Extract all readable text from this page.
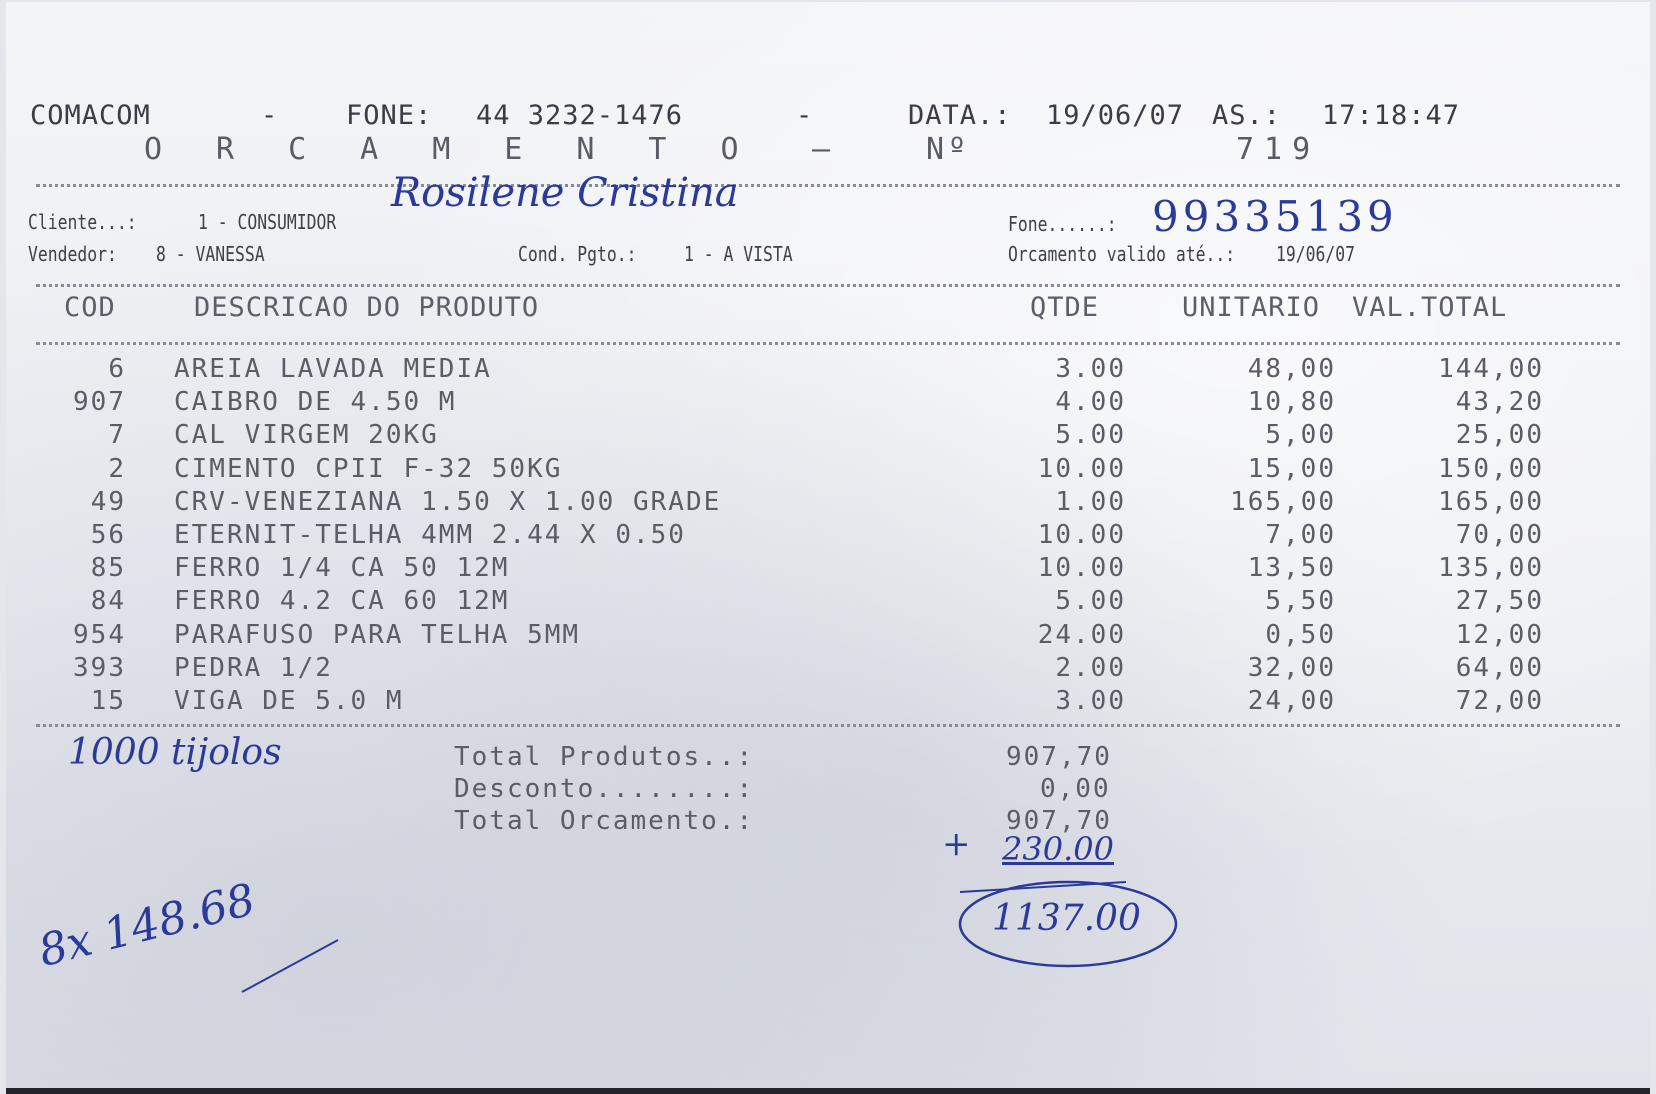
COMACOM	-	FONE: 44 3232-1476	-	DATA.: 19/06/07 AS.: 17:18:47
ORCAMENTO —	Nº	719
Cliente...:	1 - CONSUMIDOR
Rosilene Cristina
Fone......: 99335139
Vendedor: 8 - VANESSA	Cond. Pgto.: 1 - A VISTA	Orcamento valido até..: 19/06/07
COD	DESCRICAO DO PRODUTO	QTDE	UNITARIO VAL.TOTAL
6 AREIA LAVADA MEDIA	3.00	48,00	144,00
907 CAIBRO DE 4.50 M	4.00	10,80	43,20
7 CAL VIRGEM 20KG	5.00	5,00	25,00
2 CIMENTO CPII F-32 50KG	10.00	15,00	150,00
49 CRV-VENEZIANA 1.50 X 1.00 GRADE	1.00	165,00	165,00
56 ETERNIT-TELHA 4MM 2.44 X 0.50	10.00	7,00	70,00
85 FERRO 1/4 CA 50 12M	10.00	13,50	135,00
84 FERRO 4.2 CA 60 12M	5.00	5,50	27,50
954 PARAFUSO PARA TELHA 5MM	24.00	0,50	12,00
393 PEDRA 1/2	2.00	32,00	64,00
15 VIGA DE 5.0 M	3.00	24,00	72,00
Total Produtos..:	907,70
Desconto........:	0,00
Total Orcamento.:	907,70
1000 tijolos
+ 230.00
1137.00
8x 148.68
